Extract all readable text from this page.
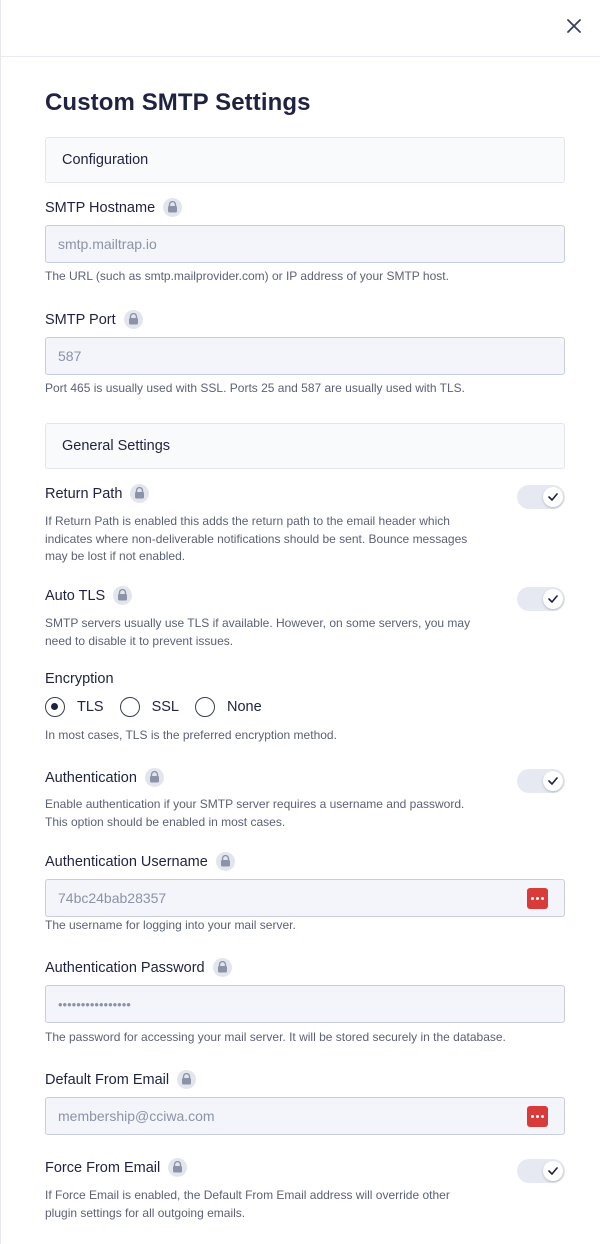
Custom SMTP Settings
Configuration
SMTP Hostname
smtp.mailtrap.io
The URL (such as smtp.mailprovider.com) or IP address of your SMTP host.
SMTP Port
587
Port 465 is usually used with SSL. Ports 25 and 587 are usually used with TLS.
General Settings
Return Path
If Return Path is enabled this adds the return path to the email header which
indicates where non-deliverable notifications should be sent. Bounce messages
may be lost if not enabled.
Auto TLS
SMTP servers usually use TLS if available. However, on some servers, you may
need to disable it to prevent issues.
Encryption
TLS	SSL	None
In most cases, TLS is the preferred encryption method.
Authentication
Enable authentication if your SMTP server requires a username and password.
This option should be enabled in most cases.
Authentication Username
74bc24bab28357
The username for logging into your mail server.
Authentication Password
••••••••••••••••
The password for accessing your mail server. It will be stored securely in the database.
Default From Email
membership@cciwa.com
Force From Email
If Force Email is enabled, the Default From Email address will override other
plugin settings for all outgoing emails.
